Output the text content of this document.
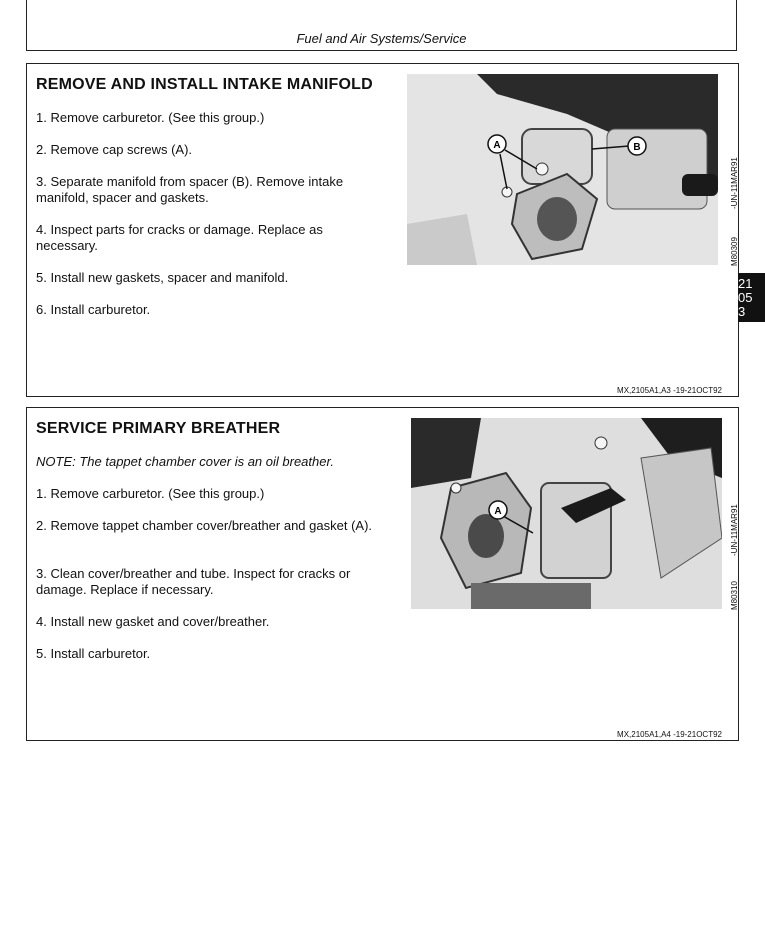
Fuel and Air Systems/Service
REMOVE AND INSTALL INTAKE MANIFOLD
1. Remove carburetor. (See this group.)
2. Remove cap screws (A).
3. Separate manifold from spacer (B). Remove intake manifold, spacer and gaskets.
4. Inspect parts for cracks or damage. Replace as necessary.
5. Install new gaskets, spacer and manifold.
6. Install carburetor.
A	B
-UN-11MAR91
M80309
MX,2105A1,A3 -19-21OCT92
21
05
3
SERVICE PRIMARY BREATHER
NOTE: The tappet chamber cover is an oil breather.
1. Remove carburetor. (See this group.)
2. Remove tappet chamber cover/breather and gasket (A).
3. Clean cover/breather and tube. Inspect for cracks or damage. Replace if necessary.
4. Install new gasket and cover/breather.
5. Install carburetor.
A	-UN-11MAR91
M80310
MX,2105A1,A4 -19-21OCT92
